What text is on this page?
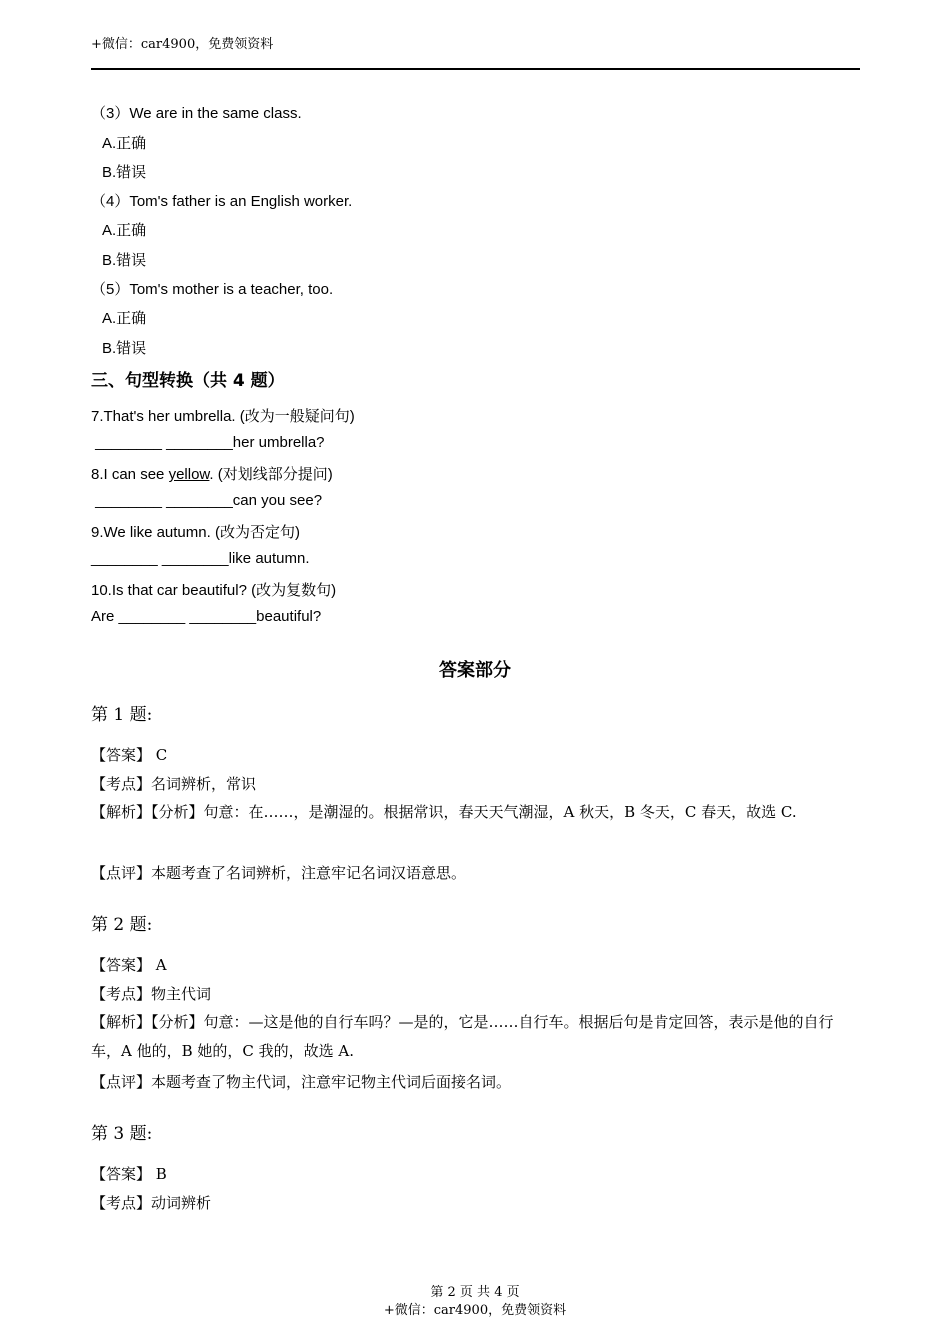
+微信：car4900，免费领资料
（3）We are in the same class.
A.正确
B.错误
（4）Tom's father is an English worker.
A.正确
B.错误
（5）Tom's mother is a teacher, too.
A.正确
B.错误
三、句型转换（共 4 题）
7.That's her umbrella. (改为一般疑问句)
________ ________her umbrella?
8.I can see yellow. (对划线部分提问)
________ ________can you see?
9.We like autumn. (改为否定句)
________ ________like autumn.
10.Is that car beautiful? (改为复数句)
Are ________ ________beautiful?
答案部分
第 1 题:
【答案】 C
【考点】名词辨析，常识
【解析】【分析】句意：在……，是潮湿的。根据常识，春天天气潮湿，A 秋天，B 冬天，C 春天，故选 C.
【点评】本题考查了名词辨析，注意牢记名词汉语意思。
第 2 题:
【答案】 A
【考点】物主代词
【解析】【分析】句意：—这是他的自行车吗？—是的，它是……自行车。根据后句是肯定回答，表示是他的自行车，A 他的，B 她的，C 我的，故选 A.
【点评】本题考查了物主代词，注意牢记物主代词后面接名词。
第 3 题:
【答案】 B
【考点】动词辨析
第 2 页 共 4 页
+微信：car4900，免费领资料
